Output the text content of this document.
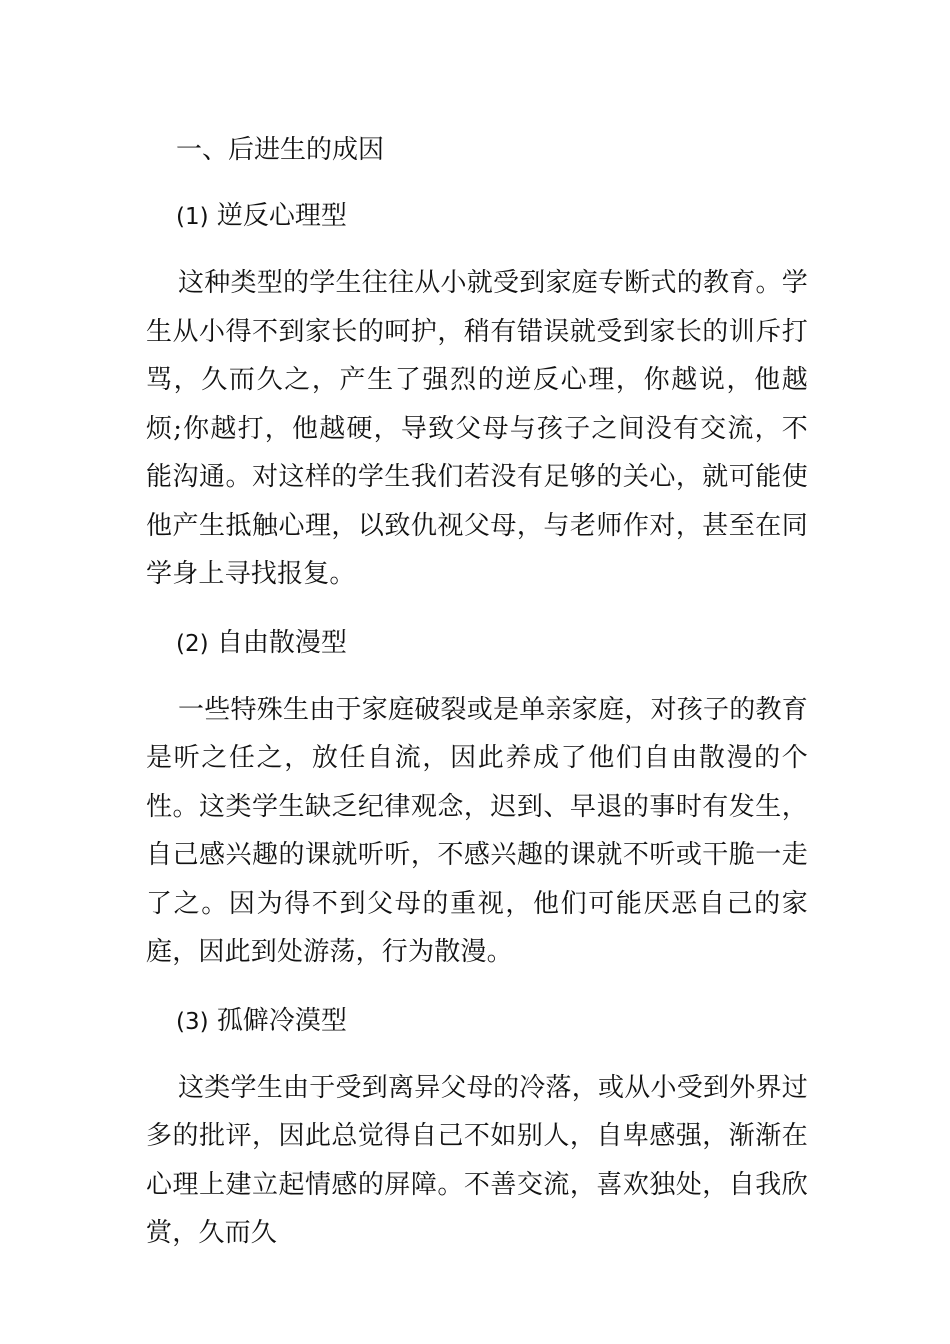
一、后进生的成因
(1) 逆反心理型

这种类型的学生往往从小就受到家庭专断式的教育。学生从小得不到家长的呵护，稍有错误就受到家长的训斥打骂，久而久之，产生了强烈的逆反心理，你越说，他越烦;你越打，他越硬，导致父母与孩子之间没有交流，不能沟通。对这样的学生我们若没有足够的关心，就可能使他产生抵触心理，以致仇视父母，与老师作对，甚至在同学身上寻找报复。

(2) 自由散漫型

一些特殊生由于家庭破裂或是单亲家庭，对孩子的教育是听之任之，放任自流，因此养成了他们自由散漫的个性。这类学生缺乏纪律观念，迟到、早退的事时有发生，自己感兴趣的课就听听，不感兴趣的课就不听或干脆一走了之。因为得不到父母的重视，他们可能厌恶自己的家庭，因此到处游荡，行为散漫。

(3) 孤僻冷漠型

这类学生由于受到离异父母的冷落，或从小受到外界过多的批评，因此总觉得自己不如别人，自卑感强，渐渐在心理上建立起情感的屏障。不善交流，喜欢独处，自我欣赏，久而久
